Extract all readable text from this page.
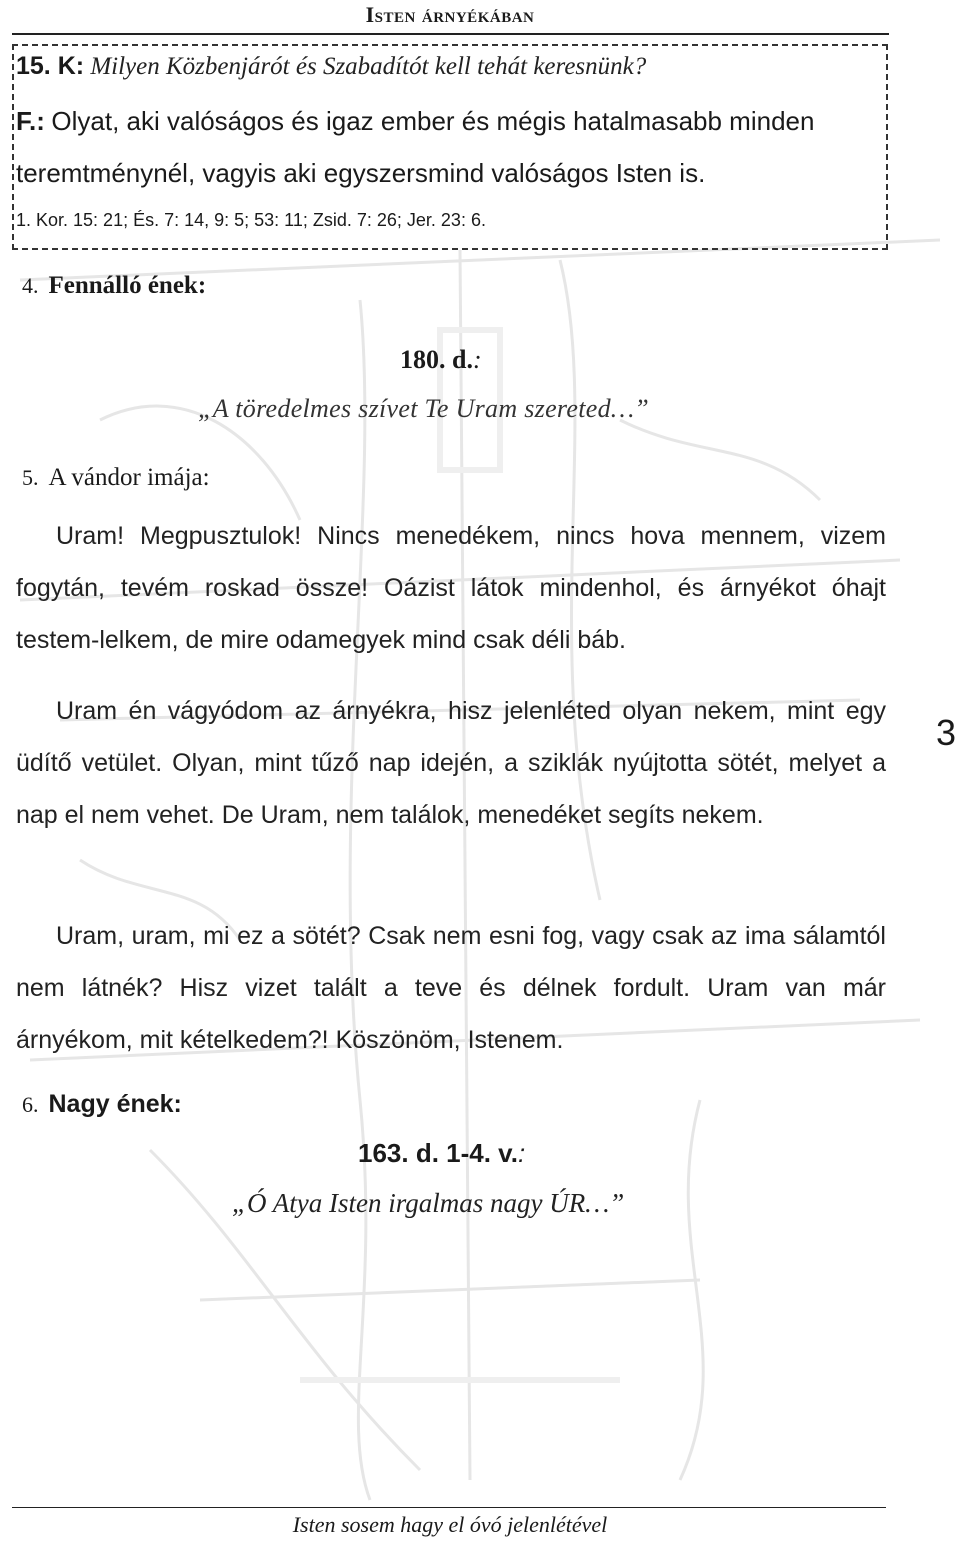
Isten árnyékában
15. K: Milyen Közbenjárót és Szabadítót kell tehát keresnünk?
F.: Olyat, aki valóságos és igaz ember és mégis hatalmasabb minden
teremtménynél, vagyis aki egyszersmind valóságos Isten is.
1. Kor. 15: 21; És. 7: 14, 9: 5; 53: 11; Zsid. 7: 26; Jer. 23: 6.
4. Fennálló ének:
180. d.:
„A töredelmes szívet Te Uram szereted…”
5. A vándor imája:
Uram! Megpusztulok! Nincs menedékem, nincs hova mennem, vizem fogytán, tevém roskad össze! Oázist látok mindenhol, és árnyékot óhajt testem-lelkem, de mire odamegyek mind csak déli báb.
Uram én vágyódom az árnyékra, hisz jelenléted olyan nekem, mint egy üdítő vetület. Olyan, mint tűző nap idején, a sziklák nyújtotta sötét, melyet a nap el nem vehet. De Uram, nem találok, menedéket segíts nekem.
Uram, uram, mi ez a sötét? Csak nem esni fog, vagy csak az ima sálamtól nem látnék? Hisz vizet talált a teve és délnek fordult. Uram van már árnyékom, mit kételkedem?! Köszönöm, Istenem.
3
6. Nagy ének:
163. d. 1-4. v.:
„Ó Atya Isten irgalmas nagy ÚR…”
Isten sosem hagy el óvó jelenlétével
